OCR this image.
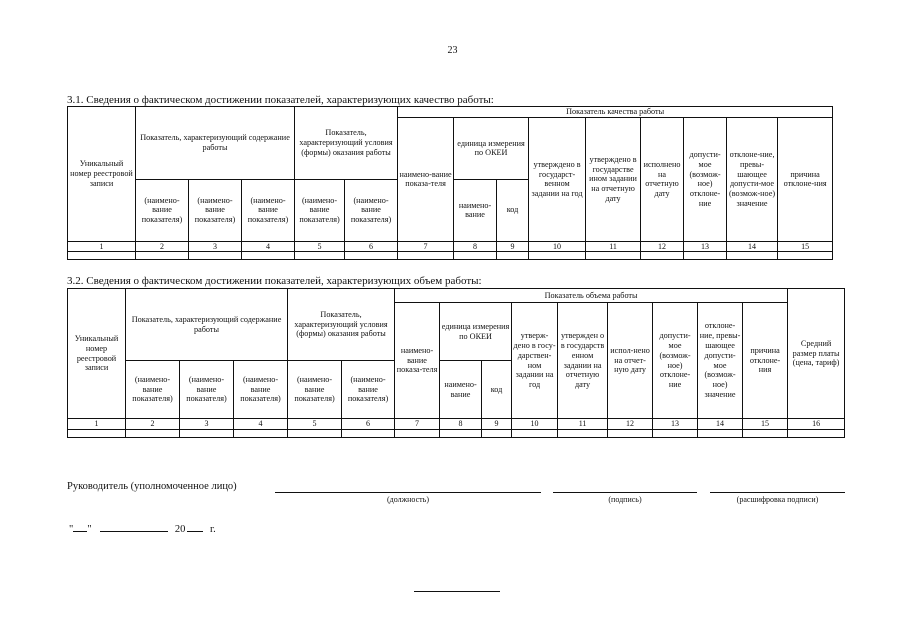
23
3.1. Сведения о фактическом достижении показателей, характеризующих качество работы:
Уникальный номер реестровой записи	Показатель, характеризующий содержание работы			Показатель, характеризующий условия (формы) оказания работы		Показатель качества работы								
						наимено-вание показа-теля	единица измерения по ОКЕИ		утверждено в государст-венном задании на год	утверждено в государстве ином задании на отчетную дату	исполнено на отчетную дату	допусти-мое (возмож-ное) отклоне-ние	отклоне-ние, превы-шающее допусти-мое (возмож-ное) значение	причина отклоне-ния
	(наимено-вание показателя)	(наимено-вание показателя)	(наимено-вание показателя)	(наимено-вание показателя)	(наимено-вание показателя)		наимено-вание	код						
1	2	3	4	5	6	7	8	9	10	11	12	13	14	15

3.2. Сведения о фактическом достижении показателей, характеризующих объем работы:
Уникальный номер реестровой записи	Показатель, характеризующий содержание работы			Показатель, характеризующий условия (формы) оказания работы		Показатель объема работы									Средний размер платы (цена, тариф)
						наимено-вание показа-теля	единица измерения по ОКЕИ		утверж-дено в госу-дарствен-ном задании на год	утвержден о в государств енном задании на отчетную дату	испол-нено на отчет-ную дату	допусти-мое (возмож-ное) отклоне-ние	отклоне-ние, превы-шающее допусти-мое (возмож-ное) значение	причина отклоне-ния	
	(наимено-вание показателя)	(наимено-вание показателя)	(наимено-вание показателя)	(наимено-вание показателя)	(наимено-вание показателя)		наимено-вание	код							
1	2	3	4	5	6	7	8	9	10	11	12	13	14	15	16

Руководитель (уполномоченное лицо)
(должность)	(подпись)	(расшифровка подписи)
" "	20 г.
